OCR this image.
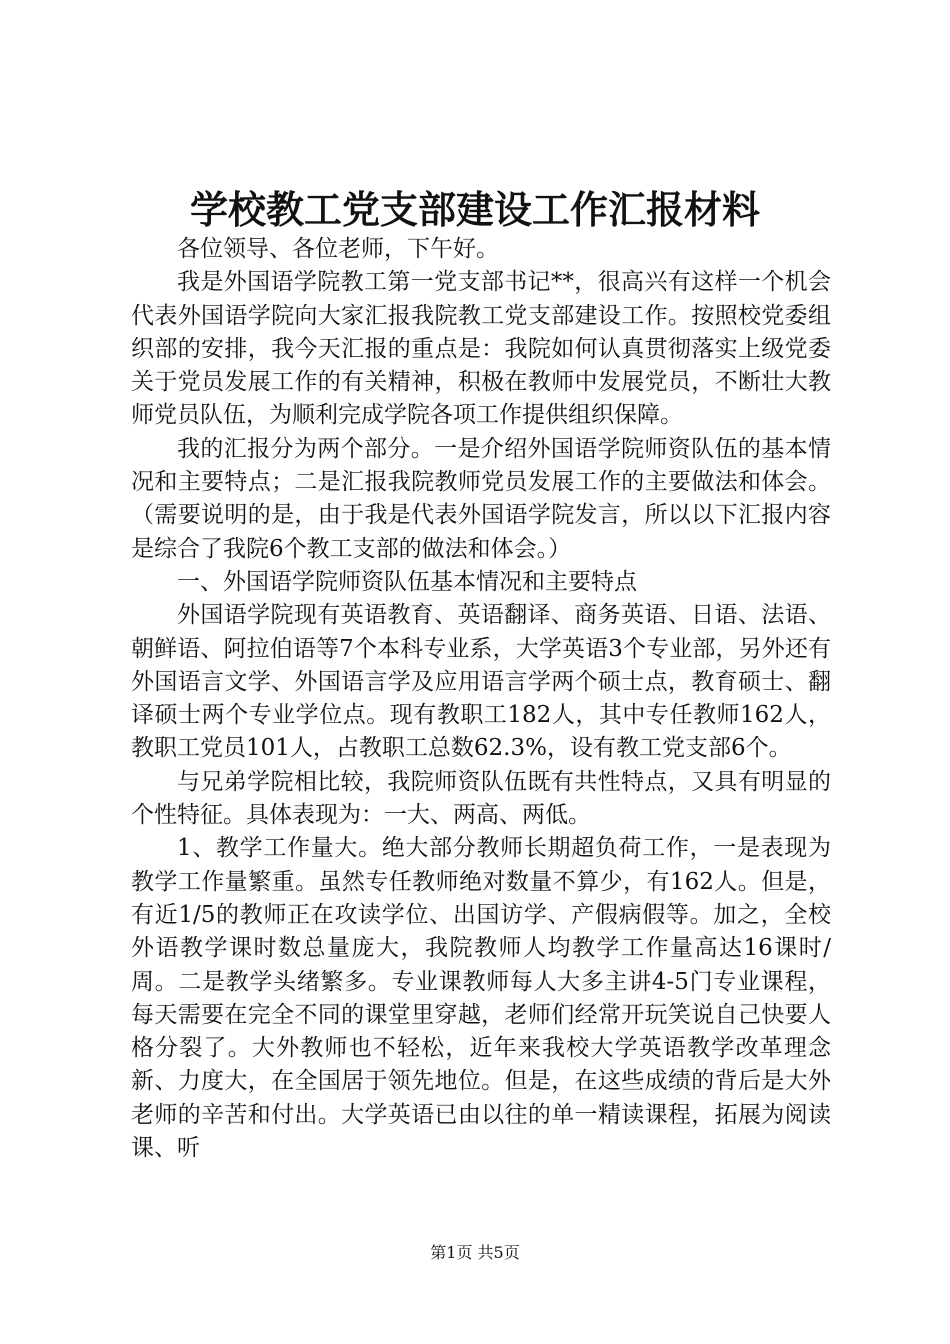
学校教工党支部建设工作汇报材料

各位领导、各位老师，下午好。

我是外国语学院教工第一党支部书记**，很高兴有这样一个机会代表外国语学院向大家汇报我院教工党支部建设工作。按照校党委组织部的安排，我今天汇报的重点是：我院如何认真贯彻落实上级党委关于党员发展工作的有关精神，积极在教师中发展党员，不断壮大教师党员队伍，为顺利完成学院各项工作提供组织保障。

我的汇报分为两个部分。一是介绍外国语学院师资队伍的基本情况和主要特点；二是汇报我院教师党员发展工作的主要做法和体会。（需要说明的是，由于我是代表外国语学院发言，所以以下汇报内容是综合了我院6个教工支部的做法和体会。）

一、外国语学院师资队伍基本情况和主要特点

外国语学院现有英语教育、英语翻译、商务英语、日语、法语、朝鲜语、阿拉伯语等7个本科专业系，大学英语3个专业部，另外还有外国语言文学、外国语言学及应用语言学两个硕士点，教育硕士、翻译硕士两个专业学位点。现有教职工182人，其中专任教师162人，教职工党员101人，占教职工总数62.3%，设有教工党支部6个。

与兄弟学院相比较，我院师资队伍既有共性特点，又具有明显的个性特征。具体表现为：一大、两高、两低。

1、教学工作量大。绝大部分教师长期超负荷工作，一是表现为教学工作量繁重。虽然专任教师绝对数量不算少，有162人。但是，有近1/5的教师正在攻读学位、出国访学、产假病假等。加之，全校外语教学课时数总量庞大，我院教师人均教学工作量高达16课时/周。二是教学头绪繁多。专业课教师每人大多主讲4-5门专业课程，每天需要在完全不同的课堂里穿越，老师们经常开玩笑说自己快要人格分裂了。大外教师也不轻松，近年来我校大学英语教学改革理念新、力度大，在全国居于领先地位。但是，在这些成绩的背后是大外老师的辛苦和付出。大学英语已由以往的单一精读课程，拓展为阅读课、听

第1页 共5页
